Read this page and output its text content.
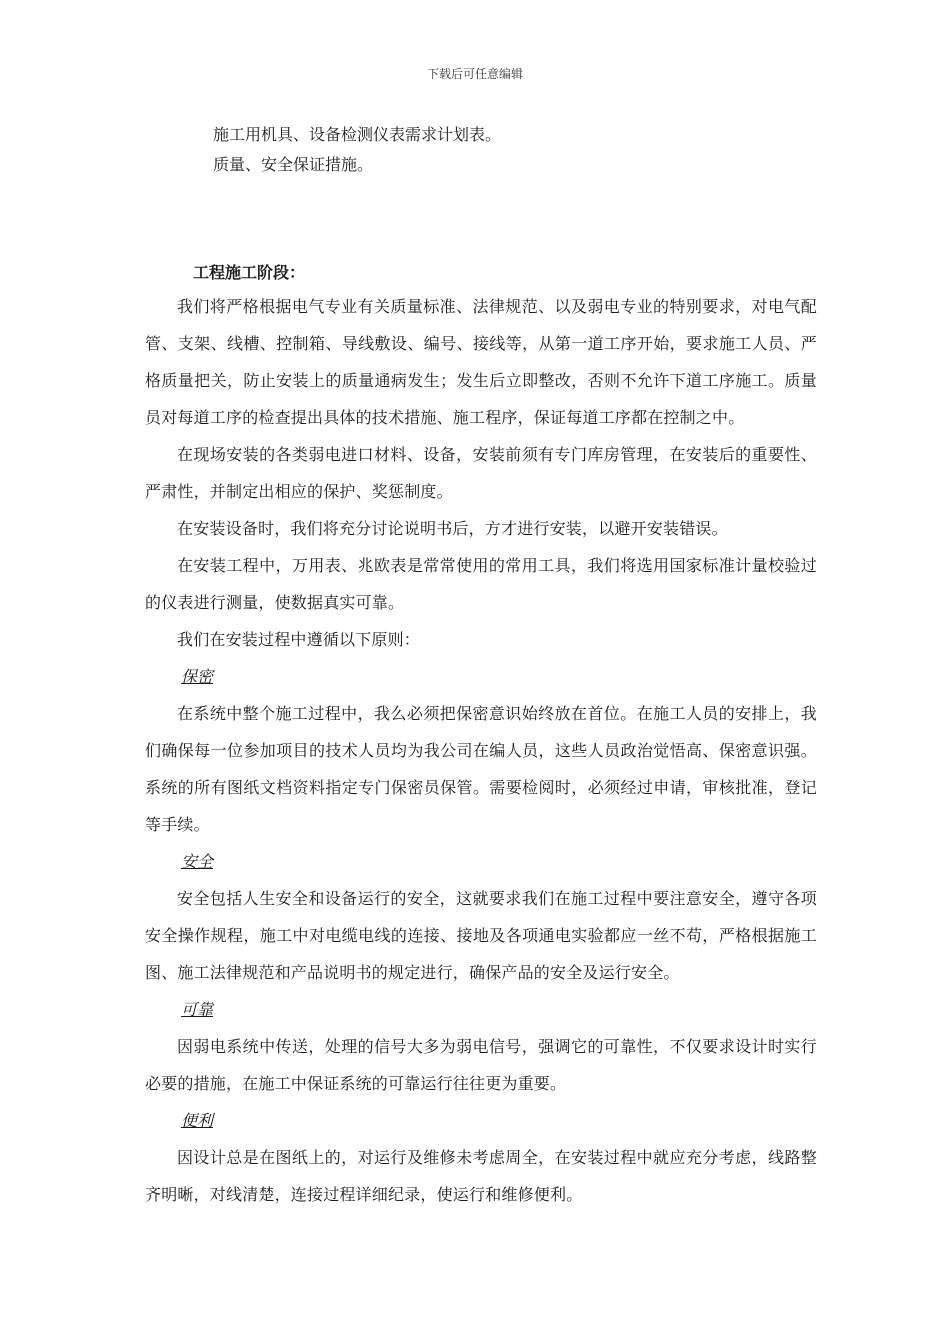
下载后可任意编辑
施工用机具、设备检测仪表需求计划表。
质量、安全保证措施。
工程施工阶段：

我们将严格根据电气专业有关质量标准、法律规范、以及弱电专业的特别要求，对电气配管、支架、线槽、控制箱、导线敷设、编号、接线等，从第一道工序开始，要求施工人员、严格质量把关，防止安装上的质量通病发生；发生后立即整改，否则不允许下道工序施工。质量员对每道工序的检查提出具体的技术措施、施工程序，保证每道工序都在控制之中。

在现场安装的各类弱电进口材料、设备，安装前须有专门库房管理，在安装后的重要性、严肃性，并制定出相应的保护、奖惩制度。

在安装设备时，我们将充分讨论说明书后，方才进行安装，以避开安装错误。

在安装工程中，万用表、兆欧表是常常使用的常用工具，我们将选用国家标准计量校验过的仪表进行测量，使数据真实可靠。

我们在安装过程中遵循以下原则：

保密

在系统中整个施工过程中，我么必须把保密意识始终放在首位。在施工人员的安排上，我们确保每一位参加项目的技术人员均为我公司在编人员，这些人员政治觉悟高、保密意识强。系统的所有图纸文档资料指定专门保密员保管。需要检阅时，必须经过申请，审核批准，登记等手续。

安全

安全包括人生安全和设备运行的安全，这就要求我们在施工过程中要注意安全，遵守各项安全操作规程，施工中对电缆电线的连接、接地及各项通电实验都应一丝不苟，严格根据施工图、施工法律规范和产品说明书的规定进行，确保产品的安全及运行安全。

可靠

因弱电系统中传送，处理的信号大多为弱电信号，强调它的可靠性，不仅要求设计时实行必要的措施，在施工中保证系统的可靠运行往往更为重要。

便利

因设计总是在图纸上的，对运行及维修未考虑周全，在安装过程中就应充分考虑，线路整齐明晰，对线清楚，连接过程详细纪录，使运行和维修便利。
